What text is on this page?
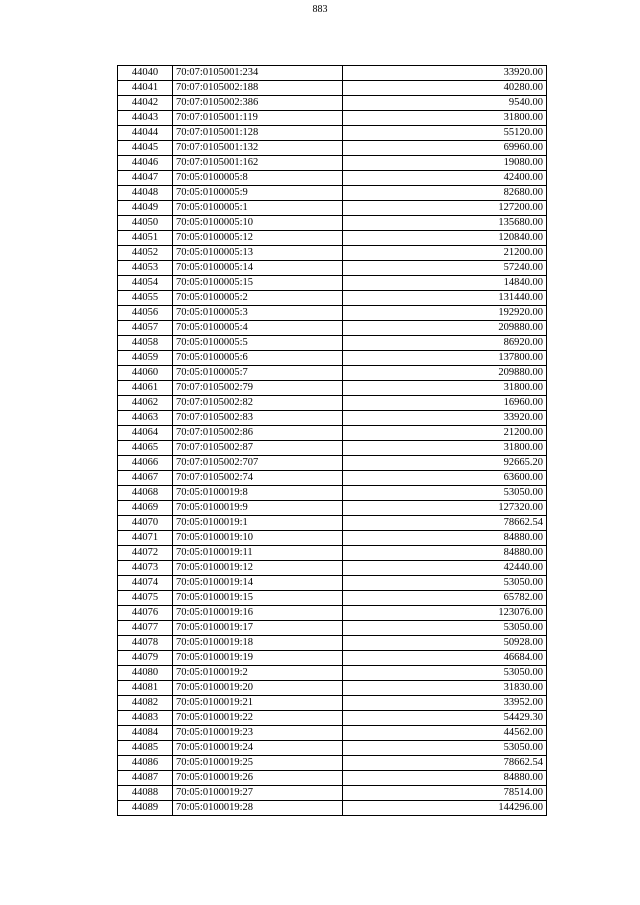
883
44040	70:07:0105001:234	33920.00
44041	70:07:0105002:188	40280.00
44042	70:07:0105002:386	9540.00
44043	70:07:0105001:119	31800.00
44044	70:07:0105001:128	55120.00
44045	70:07:0105001:132	69960.00
44046	70:07:0105001:162	19080.00
44047	70:05:0100005:8	42400.00
44048	70:05:0100005:9	82680.00
44049	70:05:0100005:1	127200.00
44050	70:05:0100005:10	135680.00
44051	70:05:0100005:12	120840.00
44052	70:05:0100005:13	21200.00
44053	70:05:0100005:14	57240.00
44054	70:05:0100005:15	14840.00
44055	70:05:0100005:2	131440.00
44056	70:05:0100005:3	192920.00
44057	70:05:0100005:4	209880.00
44058	70:05:0100005:5	86920.00
44059	70:05:0100005:6	137800.00
44060	70:05:0100005:7	209880.00
44061	70:07:0105002:79	31800.00
44062	70:07:0105002:82	16960.00
44063	70:07:0105002:83	33920.00
44064	70:07:0105002:86	21200.00
44065	70:07:0105002:87	31800.00
44066	70:07:0105002:707	92665.20
44067	70:07:0105002:74	63600.00
44068	70:05:0100019:8	53050.00
44069	70:05:0100019:9	127320.00
44070	70:05:0100019:1	78662.54
44071	70:05:0100019:10	84880.00
44072	70:05:0100019:11	84880.00
44073	70:05:0100019:12	42440.00
44074	70:05:0100019:14	53050.00
44075	70:05:0100019:15	65782.00
44076	70:05:0100019:16	123076.00
44077	70:05:0100019:17	53050.00
44078	70:05:0100019:18	50928.00
44079	70:05:0100019:19	46684.00
44080	70:05:0100019:2	53050.00
44081	70:05:0100019:20	31830.00
44082	70:05:0100019:21	33952.00
44083	70:05:0100019:22	54429.30
44084	70:05:0100019:23	44562.00
44085	70:05:0100019:24	53050.00
44086	70:05:0100019:25	78662.54
44087	70:05:0100019:26	84880.00
44088	70:05:0100019:27	78514.00
44089	70:05:0100019:28	144296.00
